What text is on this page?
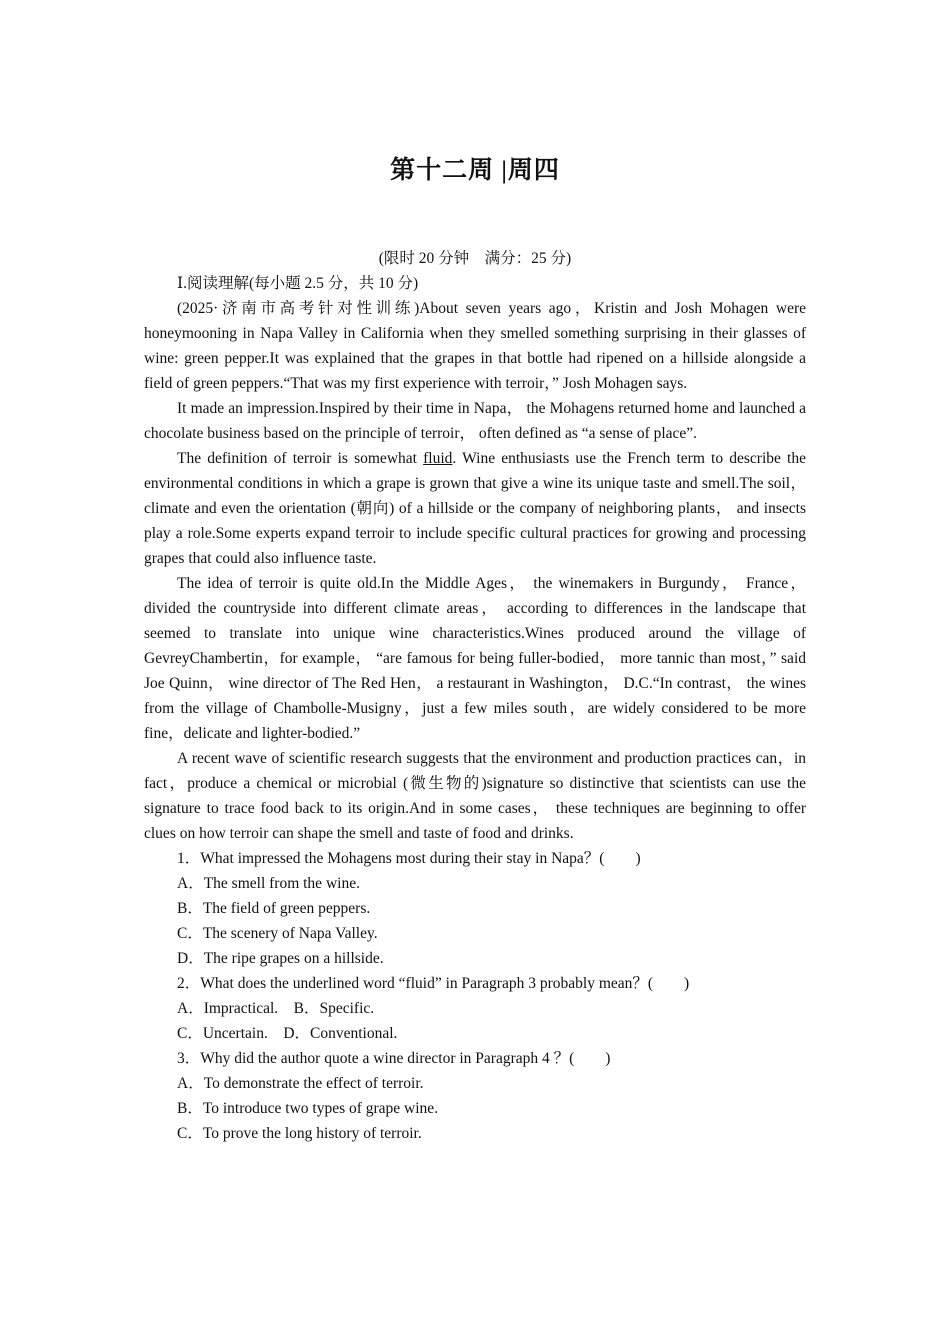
第十二周 |周四
(限时 20 分钟　满分：25 分)

Ⅰ.阅读理解(每小题 2.5 分，共 10 分)

(2025·济南市高考针对性训练)About seven years ago，Kristin and Josh Mohagen were honeymooning in Napa Valley in California when they smelled something surprising in their glasses of wine: green pepper.It was explained that the grapes in that bottle had ripened on a hillside alongside a field of green peppers.“That was my first experience with terroir，” Josh Mohagen says.

It made an impression.Inspired by their time in Napa， the Mohagens returned home and launched a chocolate business based on the principle of terroir， often defined as “a sense of place”.

The definition of terroir is somewhat fluid. Wine enthusiasts use the French term to describe the environmental conditions in which a grape is grown that give a wine its unique taste and smell.The soil， climate and even the orientation (朝向) of a hillside or the company of neighboring plants， and insects play a role.Some experts expand terroir to include specific cultural practices for growing and processing grapes that could also influence taste.

The idea of terroir is quite old.In the Middle Ages， the winemakers in Burgundy， France， divided the countryside into different climate areas， according to differences in the landscape that seemed to translate into unique wine characteristics.Wines produced around the village of GevreyChambertin，for example， “are famous for being fuller-bodied， more tannic than most，” said Joe Quinn， wine director of The Red Hen， a restaurant in Washington， D.C.“In contrast， the wines from the village of Chambolle-Musigny，just a few miles south，are widely considered to be more fine，delicate and lighter-bodied.”

A recent wave of scientific research suggests that the environment and production practices can，in fact，produce a chemical or microbial (微生物的)signature so distinctive that scientists can use the signature to trace food back to its origin.And in some cases， these techniques are beginning to offer clues on how terroir can shape the smell and taste of food and drinks.

1．What impressed the Mohagens most during their stay in Napa？(　　)

A．The smell from the wine.

B．The field of green peppers.

C．The scenery of Napa Valley.

D．The ripe grapes on a hillside.

2．What does the underlined word “fluid” in Paragraph 3 probably mean？(　　)

A．Impractical.　B．Specific.

C．Uncertain.　D．Conventional.

3．Why did the author quote a wine director in Paragraph 4 ？(　　)

A．To demonstrate the effect of terroir.

B．To introduce two types of grape wine.

C．To prove the long history of terroir.
